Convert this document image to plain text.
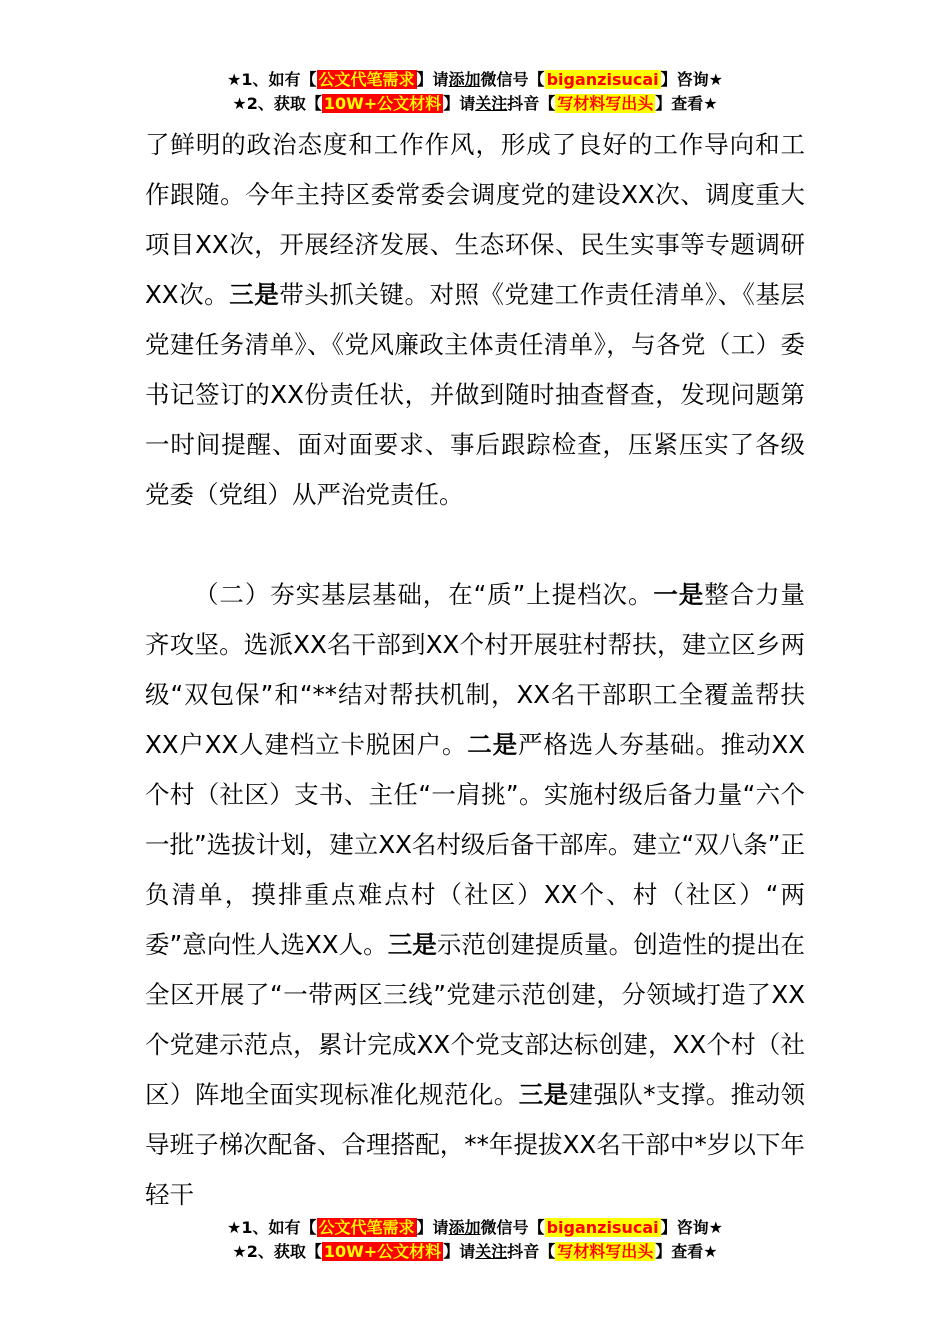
★1、如有【 公文代笔需求 】请添加微信号【 biganzisucai 】咨询★
★2、获取【 10W+公文材料 】请关注抖音【 写材料写出头 】查看★

了鲜明的政治态度和工作作风，形成了良好的工作导向和工作跟随。今年主持区委常委会调度党的建设XX次、调度重大项目XX次，开展经济发展、生态环保、民生实事等专题调研XX次。三是带头抓关键。对照《党建工作责任清单》、《基层党建任务清单》、《党风廉政主体责任清单》，与各党（工）委书记签订的XX份责任状，并做到随时抽查督查，发现问题第一时间提醒、面对面要求、事后跟踪检查，压紧压实了各级党委（党组）从严治党责任。

（二）夯实基层基础，在“质”上提档次。一是整合力量齐攻坚。选派XX名干部到XX个村开展驻村帮扶，建立区乡两级“双包保”和“**结对帮扶机制，XX名干部职工全覆盖帮扶XX户XX人建档立卡脱困户。二是严格选人夯基础。推动XX个村（社区）支书、主任“一肩挑”。实施村级后备力量“六个一批”选拔计划，建立XX名村级后备干部库。建立“双八条”正负清单，摸排重点难点村（社区）XX个、村（社区）“两委”意向性人选XX人。三是示范创建提质量。创造性的提出在全区开展了“一带两区三线”党建示范创建，分领域打造了XX个党建示范点，累计完成XX个党支部达标创建，XX个村（社区）阵地全面实现标准化规范化。三是建强队*支撑。推动领导班子梯次配备、合理搭配，**年提拔XX名干部中*岁以下年轻干

★1、如有【 公文代笔需求 】请添加微信号【 biganzisucai 】咨询★
★2、获取【 10W+公文材料 】请关注抖音【 写材料写出头 】查看★
